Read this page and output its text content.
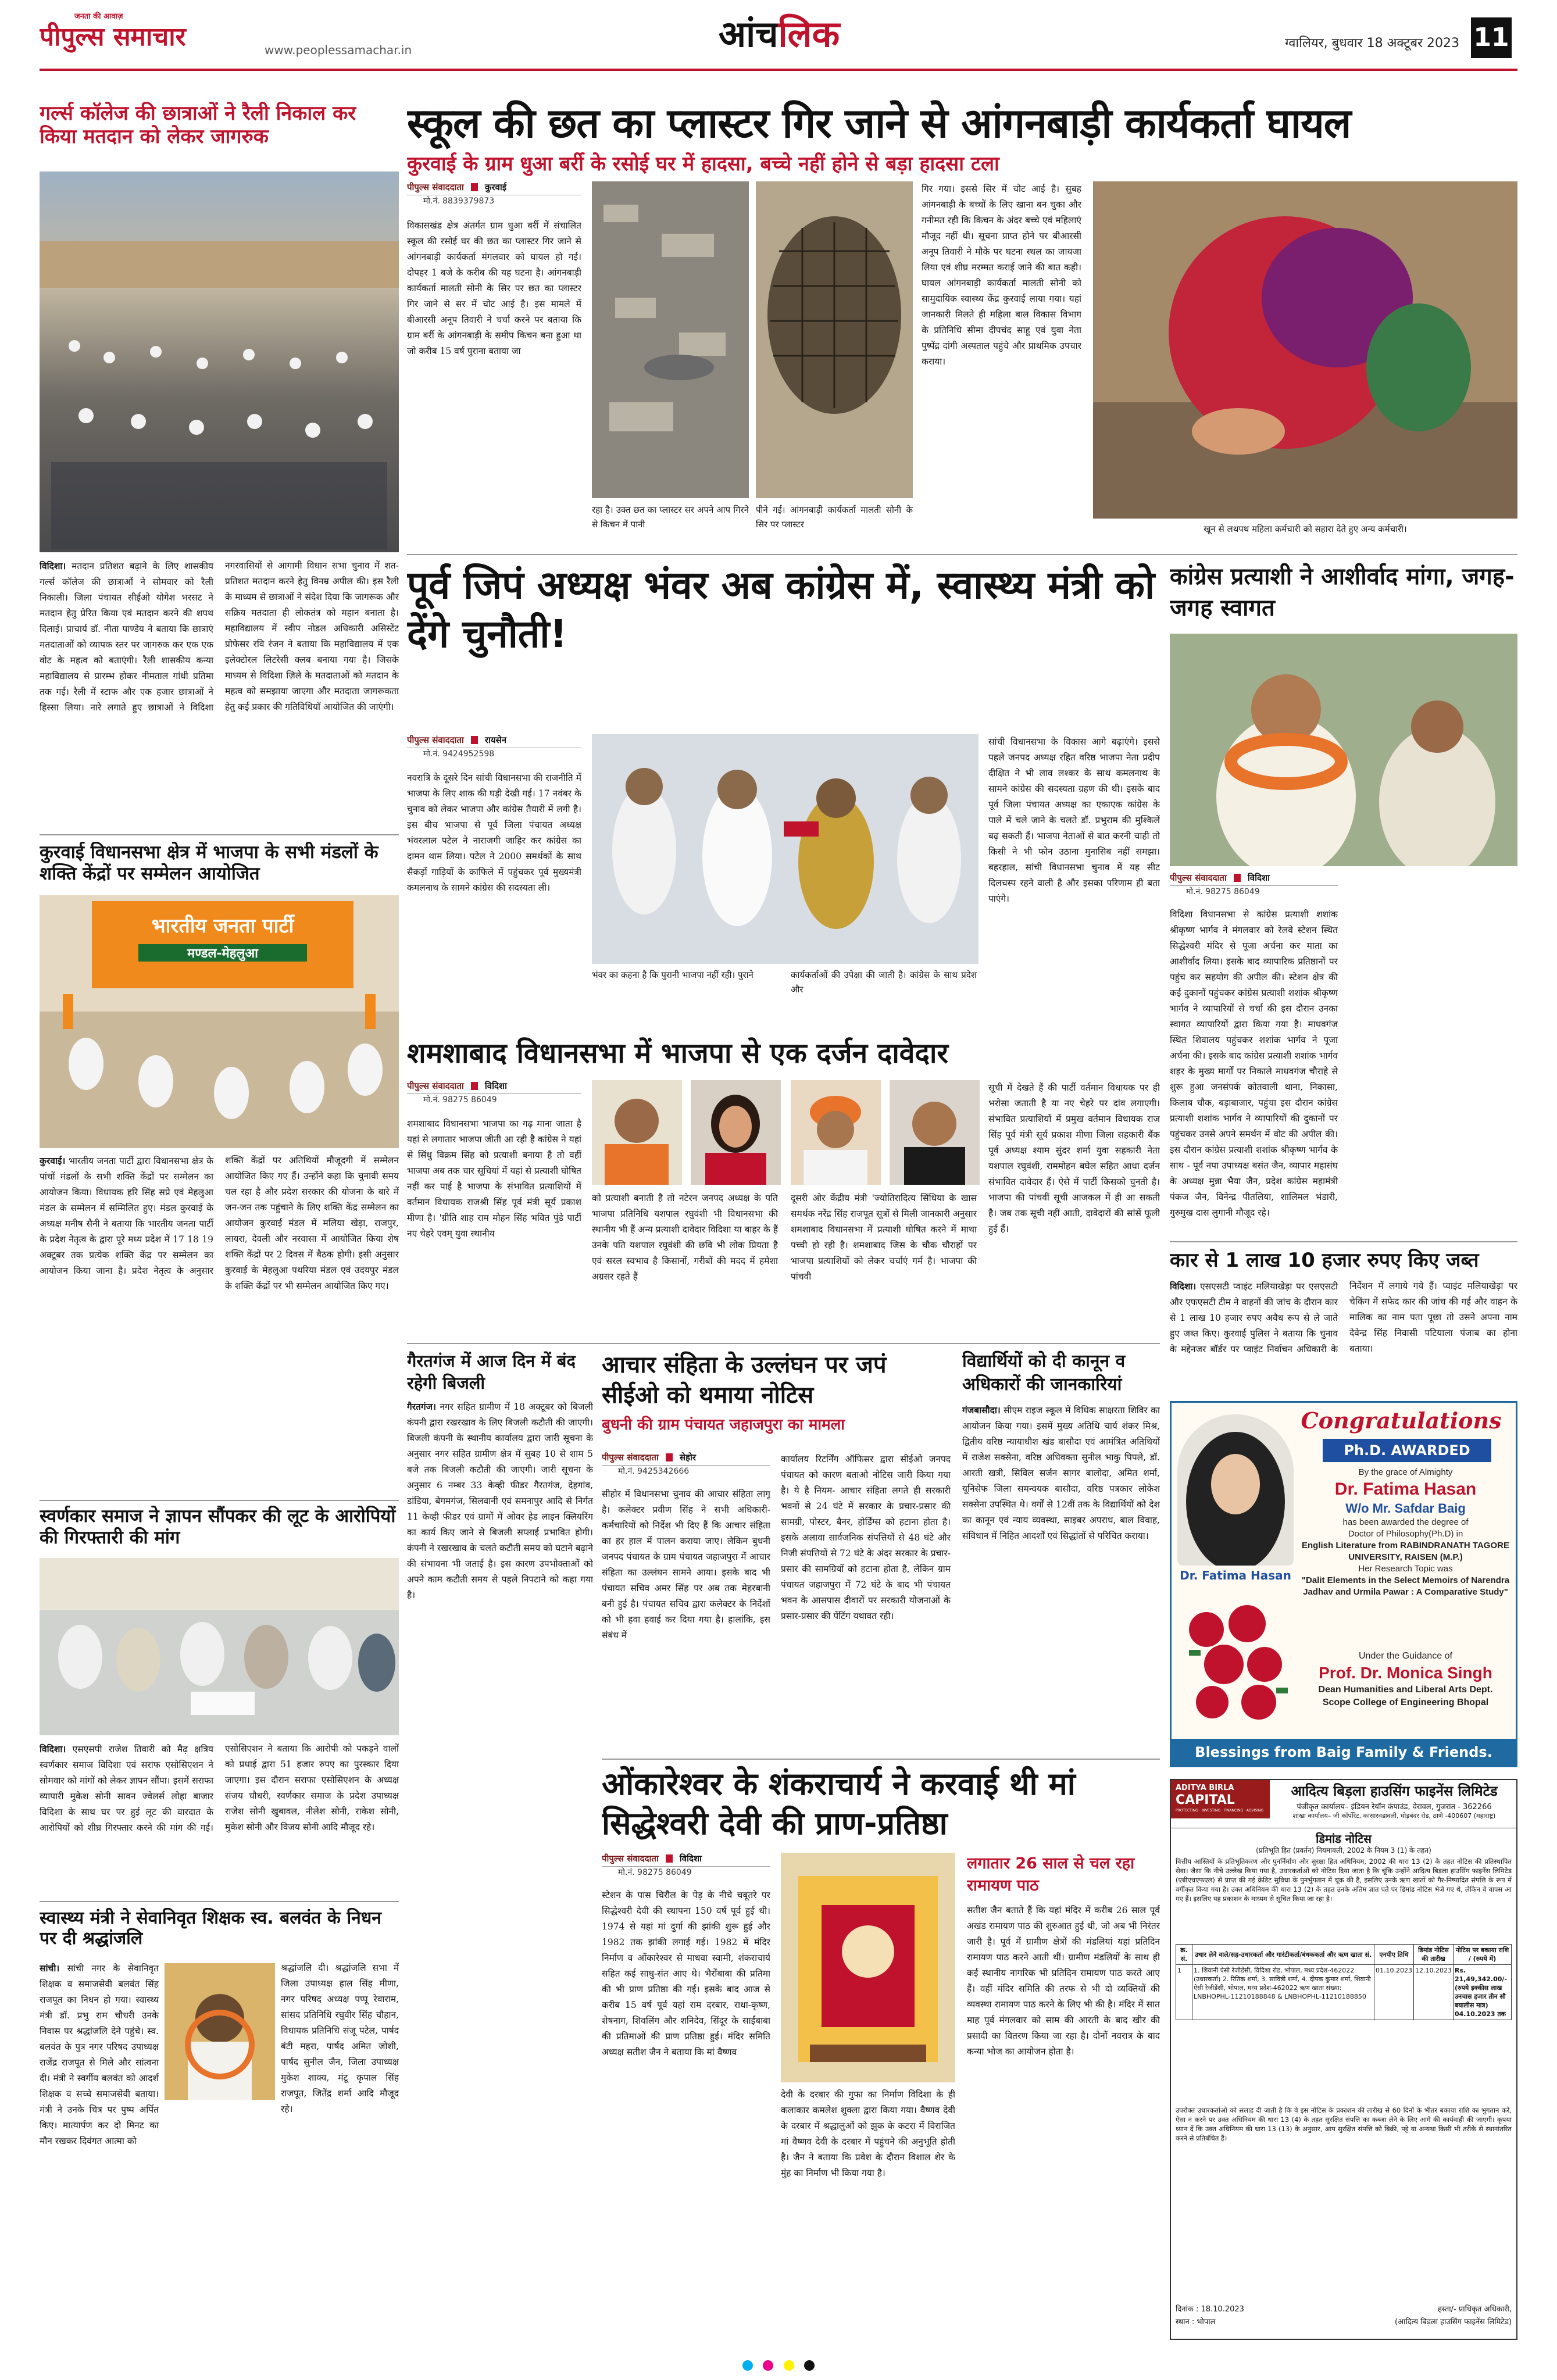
जनता की आवाज़
पीपुल्स समाचार	www.peoplessamachar.in	आंचलिक	ग्वालियर, बुधवार 18 अक्टूबर 2023 11
गर्ल्स कॉलेज की छात्राओं ने रैली निकाल कर किया मतदान को लेकर जागरुक
विदिशा। मतदान प्रतिशत बढ़ाने के लिए शासकीय गर्ल्स कॉलेज की छात्राओं ने सोमवार को रैली निकाली। जिला पंचायत सीईओ योगेश भरसट ने मतदान हेतु प्रेरित किया एवं मतदान करने की शपथ दिलाई। प्राचार्य डॉ. नीता पाण्डेय ने बताया कि छात्राएं मतदाताओं को व्यापक स्तर पर जागरुक कर एक एक वोट के महत्व को बताएंगी। रैली शासकीय कन्या महाविद्यालय से प्रारम्भ होकर नीमताल गांधी प्रतिमा तक गई। रैली में स्टाफ और एक हजार छात्राओं ने हिस्सा लिया। नारे लगाते हुए छात्राओं ने विदिशा नगरवासियों से आगामी विधान सभा चुनाव में शत-प्रतिशत मतदान करने हेतु विनम्र अपील की। इस रैली के माध्यम से छात्राओं ने संदेश दिया कि जागरूक और सक्रिय मतदाता ही लोकतंत्र को महान बनाता है। महाविद्यालय में स्वीप नोडल अधिकारी असिस्टेंट प्रोफेसर रवि रंजन ने बताया कि महाविद्यालय में एक इलेक्टोरल लिटरेसी क्लब बनाया गया है। जिसके माध्यम से विदिशा ज़िले के मतदाताओं को मतदान के महत्व को समझाया जाएगा और मतदाता जागरूकता हेतु कई प्रकार की गतिविधियाँ आयोजित की जाएंगी।
कुरवाई विधानसभा क्षेत्र में भाजपा के सभी मंडलों के शक्ति केंद्रों पर सम्मेलन आयोजित
भारतीय जनता पार्टी
मण्डल-मेहलुआ
कुरवाई। भारतीय जनता पार्टी द्वारा विधानसभा क्षेत्र के पांचों मंडलों के सभी शक्ति केंद्रों पर सम्मेलन का आयोजन किया। विधायक हरि सिंह सप्रे एवं मेहलुआ मंडल के सम्मेलन में सम्मिलित हुए। मंडल कुरवाई के अध्यक्ष मनीष सैनी ने बताया कि भारतीय जनता पार्टी के प्रदेश नेतृत्व के द्वारा पूरे मध्य प्रदेश में 17 18 19 अक्टूबर तक प्रत्येक शक्ति केंद्र पर सम्मेलन का आयोजन किया जाना है। प्रदेश नेतृत्व के अनुसार शक्ति केंद्रों पर अतिथियों मौजूदगी में सम्मेलन आयोजित किए गए हैं। उन्होंने कहा कि चुनावी समय चल रहा है और प्रदेश सरकार की योजना के बारे में जन-जन तक पहुंचाने के लिए शक्ति केंद्र सम्मेलन का आयोजन कुरवाई मंडल में मलिया खेड़ा, राजपुर, लायरा, देवली और नरवासा में आयोजित किया शेष शक्ति केंद्रों पर 2 दिवस में बैठक होगी। इसी अनुसार कुरवाई के मेहलुआ पथरिया मंडल एवं उदयपुर मंडल के शक्ति केंद्रों पर भी सम्मेलन आयोजित किए गए।
स्वर्णकार समाज ने ज्ञापन सौंपकर की लूट के आरोपियों की गिरफ्तारी की मांग
विदिशा। एसएसपी राजेश तिवारी को मैढ़ क्षत्रिय स्वर्णकार समाज विदिशा एवं सराफ एसोसिएशन ने सोमवार को मांगों को लेकर ज्ञापन सौंपा। इसमें सराफा व्यापारी मुकेश सोनी सावन ज्वेलर्स लोहा बाजार विदिशा के साथ घर पर हुई लूट की वारदात के आरोपियों को शीघ्र गिरफ्तार करने की मांग की गई। एसोसिएशन ने बताया कि आरोपी को पकड़ने वालों को प्रधाई द्वारा 51 हजार रुपए का पुरस्कार दिया जाएगा। इस दौरान सराफा एसोसिएशन के अध्यक्ष संजय चौधरी, स्वर्णकार समाज के प्रदेश उपाध्यक्ष राजेश सोनी खुबावल, नीलेश सोनी, राकेश सोनी, मुकेश सोनी और विजय सोनी आदि मौजूद रहे।
स्वास्थ्य मंत्री ने सेवानिवृत शिक्षक स्व. बलवंत के निधन पर दी श्रद्धांजलि
सांची। सांची नगर के सेवानिवृत शिक्षक व समाजसेवी बलवंत सिंह राजपूत का निधन हो गया। स्वास्थ्य मंत्री डॉ. प्रभु राम चौधरी उनके निवास पर श्रद्धांजलि देने पहुंचे। स्व. बलवंत के पुत्र नगर परिषद उपाध्यक्ष राजेंद्र राजपूत से मिले और सांत्वना दी। मंत्री ने स्वर्गीय बलवंत को आदर्श शिक्षक व सच्चे समाजसेवी बताया। मंत्री ने उनके चित्र पर पुष्प अर्पित किए। मात्यार्पण कर दो मिनट का मौन रखकर दिवंगत आत्मा को
श्रद्धांजलि दी। श्रद्धांजलि सभा में जिला उपाध्यक्ष हाल सिंह मीणा, नगर परिषद अध्यक्ष पप्पू रेवाराम, सांसद प्रतिनिधि रघुवीर सिंह चौहान, विधायक प्रतिनिधि संजू पटेल, पार्षद बंटी महरा, पार्षद अमित जोशी, पार्षद सुनील जैन, जिला उपाध्यक्ष मुकेश शाक्य, मंटू कृपाल सिंह राजपूत, जितेंद्र शर्मा आदि मौजूद रहे।
स्कूल की छत का प्लास्टर गिर जाने से आंगनबाड़ी कार्यकर्ता घायल
कुरवाई के ग्राम धुआ बर्री के रसोई घर में हादसा, बच्चे नहीं होने से बड़ा हादसा टला
पीपुल्स संवाददाता कुरवाई
मो.नं. 8839379873
विकासखंड क्षेत्र अंतर्गत ग्राम धुआ बर्री में संचालित स्कूल की रसोई घर की छत का प्लास्टर गिर जाने से आंगनबाड़ी कार्यकर्ता मंगलवार को घायल हो गई। दोपहर 1 बजे के करीब की यह घटना है। आंगनबाड़ी कार्यकर्ता मालती सोनी के सिर पर छत का प्लास्टर गिर जाने से सर में चोट आई है। इस मामले में बीआरसी अनूप तिवारी ने चर्चा करने पर बताया कि ग्राम बर्री के आंगनबाड़ी के समीप किचन बना हुआ था जो करीब 15 वर्ष पुराना बताया जा
रहा है। उक्त छत का प्लास्टर सर अपने आप गिरने से किचन में पानी
पीने गई। आंगनबाड़ी कार्यकर्ता मालती सोनी के सिर पर प्लास्टर
गिर गया। इससे सिर में चोट आई है। सुबह आंगनबाड़ी के बच्चों के लिए खाना बन चुका और गनीमत रही कि किचन के अंदर बच्चे एवं महिलाएं मौजूद नहीं थी। सूचना प्राप्त होने पर बीआरसी अनूप तिवारी ने मौके पर घटना स्थल का जायजा लिया एवं शीघ्र मरम्मत कराई जाने की बात कही। घायल आंगनबाड़ी कार्यकर्ता मालती सोनी को सामुदायिक स्वास्थ्य केंद्र कुरवाई लाया गया। यहां जानकारी मिलते ही महिला बाल विकास विभाग के प्रतिनिधि सीमा दीपचंद साहू एवं युवा नेता पुष्पेंद्र दांगी अस्पताल पहुंचे और प्राथमिक उपचार कराया।
खून से लथपथ महिला कर्मचारी को सहारा देते हुए अन्य कर्मचारी।
पूर्व जिपं अध्यक्ष भंवर अब कांग्रेस में, स्वास्थ्य मंत्री को देंगे चुनौती!
पीपुल्स संवाददाता रायसेन
मो.नं. 9424952598
नवरात्रि के दूसरे दिन सांची विधानसभा की राजनीति में भाजपा के लिए शाक की घड़ी देखी गई। 17 नवंबर के चुनाव को लेकर भाजपा और कांग्रेस तैयारी में लगी है। इस बीच भाजपा से पूर्व जिला पंचायत अध्यक्ष भंवरलाल पटेल ने नाराजगी जाहिर कर कांग्रेस का दामन थाम लिया। पटेल ने 2000 समर्थकों के साथ सैकड़ों गाड़ियों के काफिले में पहुंचकर पूर्व मुख्यमंत्री कमलनाथ के सामने कांग्रेस की सदस्यता ली।
भंवर का कहना है कि पुरानी भाजपा नहीं रही। पुराने	कार्यकर्ताओं की उपेक्षा की जाती है। कांग्रेस के साथ प्रदेश और
सांची विधानसभा के विकास आगे बढ़ाएंगे। इससे पहले जनपद अध्यक्ष रहित वरिष्ठ भाजपा नेता प्रदीप दीक्षित ने भी लाव लश्कर के साथ कमलनाथ के सामने कांग्रेस की सदस्यता ग्रहण की थी। इसके बाद पूर्व जिला पंचायत अध्यक्ष का एकाएक कांग्रेस के पाले में चले जाने के चलते डॉ. प्रभुराम की मुश्किलें बढ़ सकती हैं। भाजपा नेताओं से बात करनी चाही तो किसी ने भी फोन उठाना मुनासिब नहीं समझा। बहरहाल, सांची विधानसभा चुनाव में यह सीट दिलचस्प रहने वाली है और इसका परिणाम ही बता पाएंगे।
कांग्रेस प्रत्याशी ने आशीर्वाद मांगा, जगह-जगह स्वागत
पीपुल्स संवाददाता विदिशा
मो.नं. 98275 86049
विदिशा विधानसभा से कांग्रेस प्रत्याशी शशांक श्रीकृष्ण भार्गव ने मंगलवार को रेलवे स्टेशन स्थित सिद्धेश्वरी मंदिर से पूजा अर्चना कर माता का आशीर्वाद लिया। इसके बाद व्यापारिक प्रतिष्ठानों पर पहुंच कर सहयोग की अपील की। स्टेशन क्षेत्र की कई दुकानों पहुंचकर कांग्रेस प्रत्याशी शशांक श्रीकृष्ण भार्गव ने व्यापारियों से चर्चा की इस दौरान उनका स्वागत व्यापारियों द्वारा किया गया है। माधवगंज स्थित शिवालय पहुंचकर शशांक भार्गव ने पूजा अर्चना की। इसके बाद कांग्रेस प्रत्याशी शशांक भार्गव शहर के मुख्य मार्गों पर निकाले माधवगंज चौराहे से शुरू हुआ जनसंपर्क कोतवाली थाना, निकासा, किलाब चौक, बड़ाबाजार, पहुंचा इस दौरान कांग्रेस प्रत्याशी शशांक भार्गव ने व्यापारियों की दुकानों पर पहुंचकर उनसे अपने समर्थन में वोट की अपील की। इस दौरान कांग्रेस प्रत्याशी शशांक श्रीकृष्ण भार्गव के साथ - पूर्व नपा उपाध्यक्ष बसंत जैन, व्यापार महासंघ के अध्यक्ष मुन्ना भैया जैन, प्रदेश कांग्रेस महामंत्री पंकज जैन, विनेन्द्र पीतलिया, शालिमल भंडारी, गुरुमुख दास लुगानी मौजूद रहे।
कार से 1 लाख 10 हजार रुपए किए जब्त
विदिशा। एसएसटी प्वाइंट मलियाखेड़ा पर एसएसटी और एफएसटी टीम ने वाहनों की जांच के दौरान कार से 1 लाख 10 हजार रुपए अवैध रूप से ले जाते हुए जब्त किए। कुरवाई पुलिस ने बताया कि चुनाव के मद्देनजर बॉर्डर पर प्वाइंट निर्वाचन अधिकारी के निर्देशन में लगाये गये हैं। प्वाइंट मलियाखेड़ा पर चेकिंग में सफेद कार की जांच की गई और वाहन के मालिक का नाम पता पूछा तो उसने अपना नाम देवेन्द्र सिंह निवासी पटियाला पंजाब का होना बताया।
Congratulations
Ph.D. AWARDED
Dr. Fatima Hasan
By the grace of Almighty
Dr. Fatima Hasan
W/o Mr. Safdar Baig
has been awarded the degree of
Doctor of Philosophy(Ph.D) in
English Literature from RABINDRANATH TAGORE UNIVERSITY, RAISEN (M.P.)
Her Research Topic was
"Dalit Elements in the Select Memoirs of Narendra Jadhav and Urmila Pawar : A Comparative Study"
Under the Guidance of
Prof. Dr. Monica Singh
Dean Humanities and Liberal Arts Dept.
Scope College of Engineering Bhopal
Blessings from Baig Family & Friends.
शमशाबाद विधानसभा में भाजपा से एक दर्जन दावेदार
पीपुल्स संवाददाता विदिशा
मो.नं. 98275 86049
शमशाबाद विधानसभा भाजपा का गढ़ माना जाता है यहां से लगातार भाजपा जीती आ रही है कांग्रेस ने यहां से सिंधु विक्रम सिंह को प्रत्याशी बनाया है तो वहीं भाजपा अब तक चार सूचियां में यहां से प्रत्याशी घोषित नहीं कर पाई है भाजपा के संभावित प्रत्याशियों में वर्तमान विधायक राजश्री सिंह पूर्व मंत्री सूर्य प्रकाश मीणा है। 'ग्रीति शाह राम मोहन सिंह भवित पुंडे पार्टी नए चेहरे एवम् युवा स्थानीय
को प्रत्याशी बनाती है तो नटेरन जनपद अध्यक्ष के पति भाजपा प्रतिनिधि यशपाल रघुवंशी भी विधानसभा की स्थानीय भी हैं अन्य प्रत्याशी दावेदार विदिशा या बाहर के हैं उनके पति यशपाल रघुवंशी की छवि भी लोक प्रियता है एवं सरल स्वभाव है किसानों, गरीबों की मदद में हमेशा अग्रसर रहते हैं
दूसरी ओर केंद्रीय मंत्री 'ज्योतिरादित्य सिंधिया के खास समर्थक नरेंद्र सिंह राजपूत सूत्रों से मिली जानकारी अनुसार शमशाबाद विधानसभा में प्रत्याशी घोषित करने में माथा पच्ची हो रही है। शमशाबाद जिस के चौक चौराहों पर भाजपा प्रत्याशियों को लेकर चर्चाएं गर्म है। भाजपा की पांचवी
सूची में देखते हैं की पार्टी वर्तमान विधायक पर ही भरोसा जताती है या नए चेहरे पर दांव लगाएगी। संभावित प्रत्याशियों में प्रमुख वर्तमान विधायक राज सिंह पूर्व मंत्री सूर्य प्रकाश मीणा जिला सहकारी बैंक पूर्व अध्यक्ष श्याम सुंदर शर्मा युवा सहकारी नेता यशपाल रघुवंशी, राममोहन बघेल सहित आधा दर्जन संभावित दावेदार हैं। ऐसे में पार्टी किसको चुनती है। भाजपा की पांचवीं सूची आजकल में ही आ सकती है। जब तक सूची नहीं आती, दावेदारों की सांसें फूली हुई हैं।
गैरतगंज में आज दिन में बंद रहेगी बिजली
गैरतगंज। नगर सहित ग्रामीण में 18 अक्टूबर को बिजली कंपनी द्वारा रखरखाव के लिए बिजली कटौती की जाएगी। बिजली कंपनी के स्थानीय कार्यालय द्वारा जारी सूचना के अनुसार नगर सहित ग्रामीण क्षेत्र में सुबह 10 से शाम 5 बजे तक बिजली कटौती की जाएगी। जारी सूचना के अनुसार 6 नम्बर 33 केव्ही फीडर गैरतगंज, देहगांव, डांडिया, बेगमगंज, सिलवानी एवं समनापुर आदि से निर्गत 11 केव्ही फीडर एवं ग्रामों में ओवर हेड लाइन क्लियरिंग का कार्य किए जाने से बिजली सप्लाई प्रभावित होगी। कंपनी ने रखरखाव के चलते कटौती समय को घटाने बढ़ाने की संभावना भी जताई है। इस कारण उपभोक्ताओं को अपने काम कटौती समय से पहले निपटाने को कहा गया है।
आचार संहिता के उल्लंघन पर जपं सीईओ को थमाया नोटिस
बुधनी की ग्राम पंचायत जहाजपुरा का मामला
पीपुल्स संवाददाता सेहोर
मो.नं. 9425342666
सीहोर में विधानसभा चुनाव की आचार संहिता लागू है। कलेक्टर प्रवीण सिंह ने सभी अधिकारी-कर्मचारियों को निर्देश भी दिए हैं कि आचार संहिता का हर हाल में पालन कराया जाए। लेकिन बुधनी जनपद पंचायत के ग्राम पंचायत जहाजपुरा में आचार संहिता का उल्लंघन सामने आया। इसके बाद भी पंचायत सचिव अमर सिंह पर अब तक मेहरबानी बनी हुई है। पंचायत सचिव द्वारा कलेक्टर के निर्देशों को भी हवा हवाई कर दिया गया है। हालांकि, इस संबंध में
कार्यालय रिटर्निंग ऑफिसर द्वारा सीईओ जनपद पंचायत को कारण बताओ नोटिस जारी किया गया है। ये है नियम- आचार संहिता लगते ही सरकारी भवनों से 24 घंटे में सरकार के प्रचार-प्रसार की सामग्री, पोस्टर, बैनर, होर्डिंग्स को हटाना होता है। इसके अलावा सार्वजनिक संपत्तियों से 48 घंटे और निजी संपत्तियों से 72 घंटे के अंदर सरकार के प्रचार-प्रसार की सामग्रियों को हटाना होता है, लेकिन ग्राम पंचायत जहाजपुरा में 72 घंटे के बाद भी पंचायत भवन के आसपास दीवारों पर सरकारी योजनाओं के प्रसार-प्रसार की पेंटिंग यथावत रही।
विद्यार्थियों को दी कानून व अधिकारों की जानकारियां
गंजबासौदा। सीएम राइज स्कूल में विधिक साक्षरता शिविर का आयोजन किया गया। इसमें मुख्य अतिथि चार्य शंकर मिश्र, द्वितीय वरिष्ठ न्यायाधीश खंड बासौदा एवं आमंत्रित अतिथियों में राजेश सक्सेना, वरिष्ठ अधिवक्ता सुनील भाकु पिपले, डॉ. आरती खत्री, सिविल सर्जन सागर बालोदा, अमित शर्मा, यूनिसेफ जिला समन्वयक बासौदा, वरिष्ठ पत्रकार लोकेश सक्सेना उपस्थित थे। वर्गों से 12वीं तक के विद्यार्थियों को देश का कानून एवं न्याय व्यवस्था, साइबर अपराध, बाल विवाह, संविधान में निहित आदर्शों एवं सिद्धांतों से परिचित कराया।
ओंकारेश्वर के शंकराचार्य ने करवाई थी मां सिद्धेश्वरी देवी की प्राण-प्रतिष्ठा
पीपुल्स संवाददाता विदिशा
मो.नं. 98275 86049
स्टेशन के पास चिरौल के पेड़ के नीचे चबूतरे पर सिद्धेश्वरी देवी की स्थापना 150 वर्ष पूर्व हुई थी। 1974 से यहां मां दुर्गा की झांकी शुरू हुई और 1982 तक झांकी लगाई गई। 1982 में मंदिर निर्माण व ओंकारेश्वर से माधवा स्वामी, शंकराचार्य सहित कई साधु-संत आए थे। भैरोंबाबा की प्रतिमा की भी प्राण प्रतिष्ठा की गई। इसके बाद आज से करीब 15 वर्ष पूर्व यहां राम दरबार, राधा-कृष्ण, शेषनाग, शिवलिंग और शनिदेव, सिंदूर के साईंबाबा की प्रतिमाओं की प्राण प्रतिष्ठा हुई। मंदिर समिति अध्यक्ष सतीश जैन ने बताया कि मां वैष्णव
देवी के दरबार की गुफा का निर्माण विदिशा के ही कलाकार कमलेश शुक्ला द्वारा किया गया। वैष्णव देवी के दरबार में श्रद्धालुओं को झुक के कटरा में विराजित मां वैष्णव देवी के दरबार में पहुंचने की अनुभूति होती है। जैन ने बताया कि प्रवेश के दौरान विशाल शेर के मुंह का निर्माण भी किया गया है।
लगातार 26 साल से चल रहा रामायण पाठ
सतीश जैन बताते हैं कि यहां मंदिर में करीब 26 साल पूर्व अखंड रामायण पाठ की शुरुआत हुई थी, जो अब भी निरंतर जारी है। पूर्व में ग्रामीण क्षेत्रों की मंडलियां यहां प्रतिदिन रामायण पाठ करने आती थीं। ग्रामीण मंडलियों के साथ ही कई स्थानीय नागरिक भी प्रतिदिन रामायण पाठ करते आए हैं। वहीं मंदिर समिति की तरफ से भी दो व्यक्तियों की व्यवस्था रामायण पाठ करने के लिए भी की है। मंदिर में सात माह पूर्व मंगलवार को साम की आरती के बाद खीर की प्रसादी का वितरण किया जा रहा है। दोनों नवरात्र के बाद कन्या भोज का आयोजन होता है।
ADITYA BIRLA
CAPITAL
PROTECTING · INVESTING · FINANCING · ADVISING
आदित्य बिड़ला हाउसिंग फाइनेंस लिमिटेड
पंजीकृत कार्यालय– इंडियन रेयॉन कंपाउंड, वेरावल, गुजरात - 362266
शाखा कार्यालय– जी कॉर्पोरेट, कासारवडावली, घोड़बंदर रोड, ठाणे -400607 (महाराष्ट्र)
डिमांड नोटिस
(प्रतिभूति हित (प्रवर्तन) नियमावली, 2002 के नियम 3 (1) के तहत)
वित्तीय आस्तियों के प्रतिभूतिकरण और पुनर्निर्माण और सुरक्षा हित अधिनियम, 2002 की धारा 13 (2) के तहत नोटिस की प्रतिस्थापित सेवा। जैसा कि नीचे उल्लेख किया गया है, उधारकर्ताओं को नोटिस दिया जाता है कि चूंकि उन्होंने आदित्य बिड़ला हाउसिंग फाइनेंस लिमिटेड (एबीएचएफएल) से प्राप्त की गई क्रेडिट सुविधा के पुनर्भुगतान में चूक की है, इसलिए उनके ऋण खातों को गैर-निष्पादित संपत्ति के रूप में वर्गीकृत किया गया है। उक्त अधिनियम की धारा 13 (2) के तहत उनके अंतिम ज्ञात पते पर डिमांड नोटिस भेजे गए थे, लेकिन वे वापस आ गए हैं। इसलिए यह प्रकाशन के माध्यम से सूचित किया जा रहा है।
क्र. सं.	उधार लेने वाले/सह-उधारकर्ता और गारंटीकर्ता/बंधककर्ता और ऋण खाता सं.	एनपीए तिथि	डिमांड नोटिस की तारीख	नोटिस पर बकाया राशि / (रुपये में)
1	1. शिवानी ऐसी रेजीडेंसी, विदिशा रोड, भोपाल, मध्य प्रदेश-462022 (उधारकर्ता) 2. रितिक शर्मा, 3. सावित्री शर्मा, 4. दीपक कुमार शर्मा, शिवानी ऐसी रेजीडेंसी, भोपाल, मध्य प्रदेश-462022 ऋण खाता संख्या: LNBHOPHL-11210188848 & LNBHOPHL-11210188850	01.10.2023	12.10.2023	Rs. 21,49,342.00/- (रुपये इक्कीस लाख उनचास हजार तीन सौ बयालीस मात्र) 04.10.2023 तक
उपरोक्त उधारकर्ताओं को सलाह दी जाती है कि वे इस नोटिस के प्रकाशन की तारीख से 60 दिनों के भीतर बकाया राशि का भुगतान करें, ऐसा न करने पर उक्त अधिनियम की धारा 13 (4) के तहत सुरक्षित संपत्ति का कब्जा लेने के लिए आगे की कार्यवाही की जाएगी। कृपया ध्यान दें कि उक्त अधिनियम की धारा 13 (13) के अनुसार, आप सुरक्षित संपत्ति को बिक्री, पट्टे या अन्यथा किसी भी तरीके से स्थानांतरित करने से प्रतिबंधित हैं।
दिनांक : 18.10.2023
स्थान : भोपाल
हस्ता/- प्राधिकृत अधिकारी,
(आदित्य बिड़ला हाउसिंग फाइनेंस लिमिटेड)
